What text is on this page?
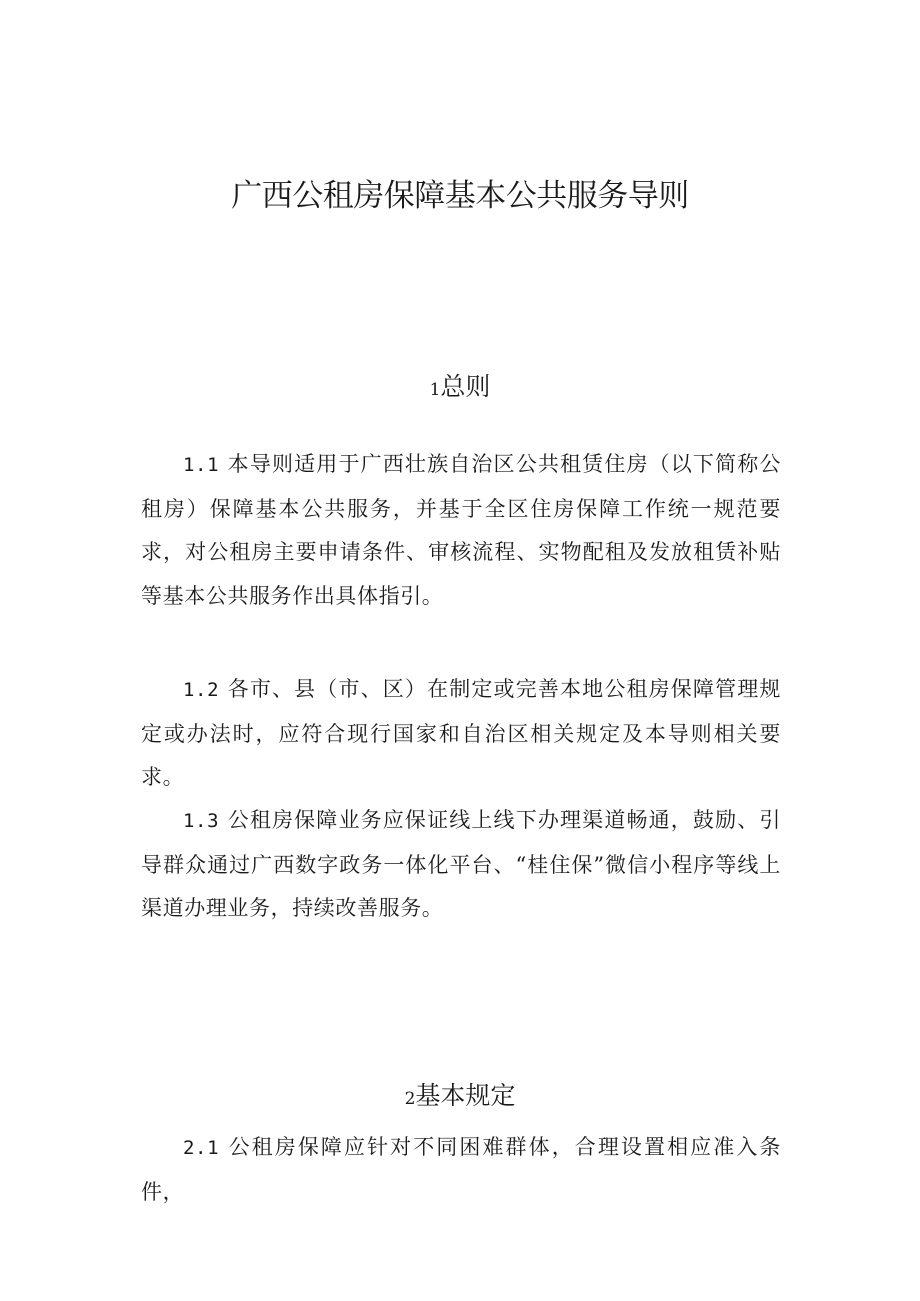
广西公租房保障基本公共服务导则
1总则

1.1 本导则适用于广西壮族自治区公共租赁住房（以下简称公租房）保障基本公共服务，并基于全区住房保障工作统一规范要求，对公租房主要申请条件、审核流程、实物配租及发放租赁补贴等基本公共服务作出具体指引。

1.2 各市、县（市、区）在制定或完善本地公租房保障管理规定或办法时，应符合现行国家和自治区相关规定及本导则相关要求。

1.3 公租房保障业务应保证线上线下办理渠道畅通，鼓励、引导群众通过广西数字政务一体化平台、“桂住保”微信小程序等线上渠道办理业务，持续改善服务。

2基本规定

2.1 公租房保障应针对不同困难群体，合理设置相应准入条件，
